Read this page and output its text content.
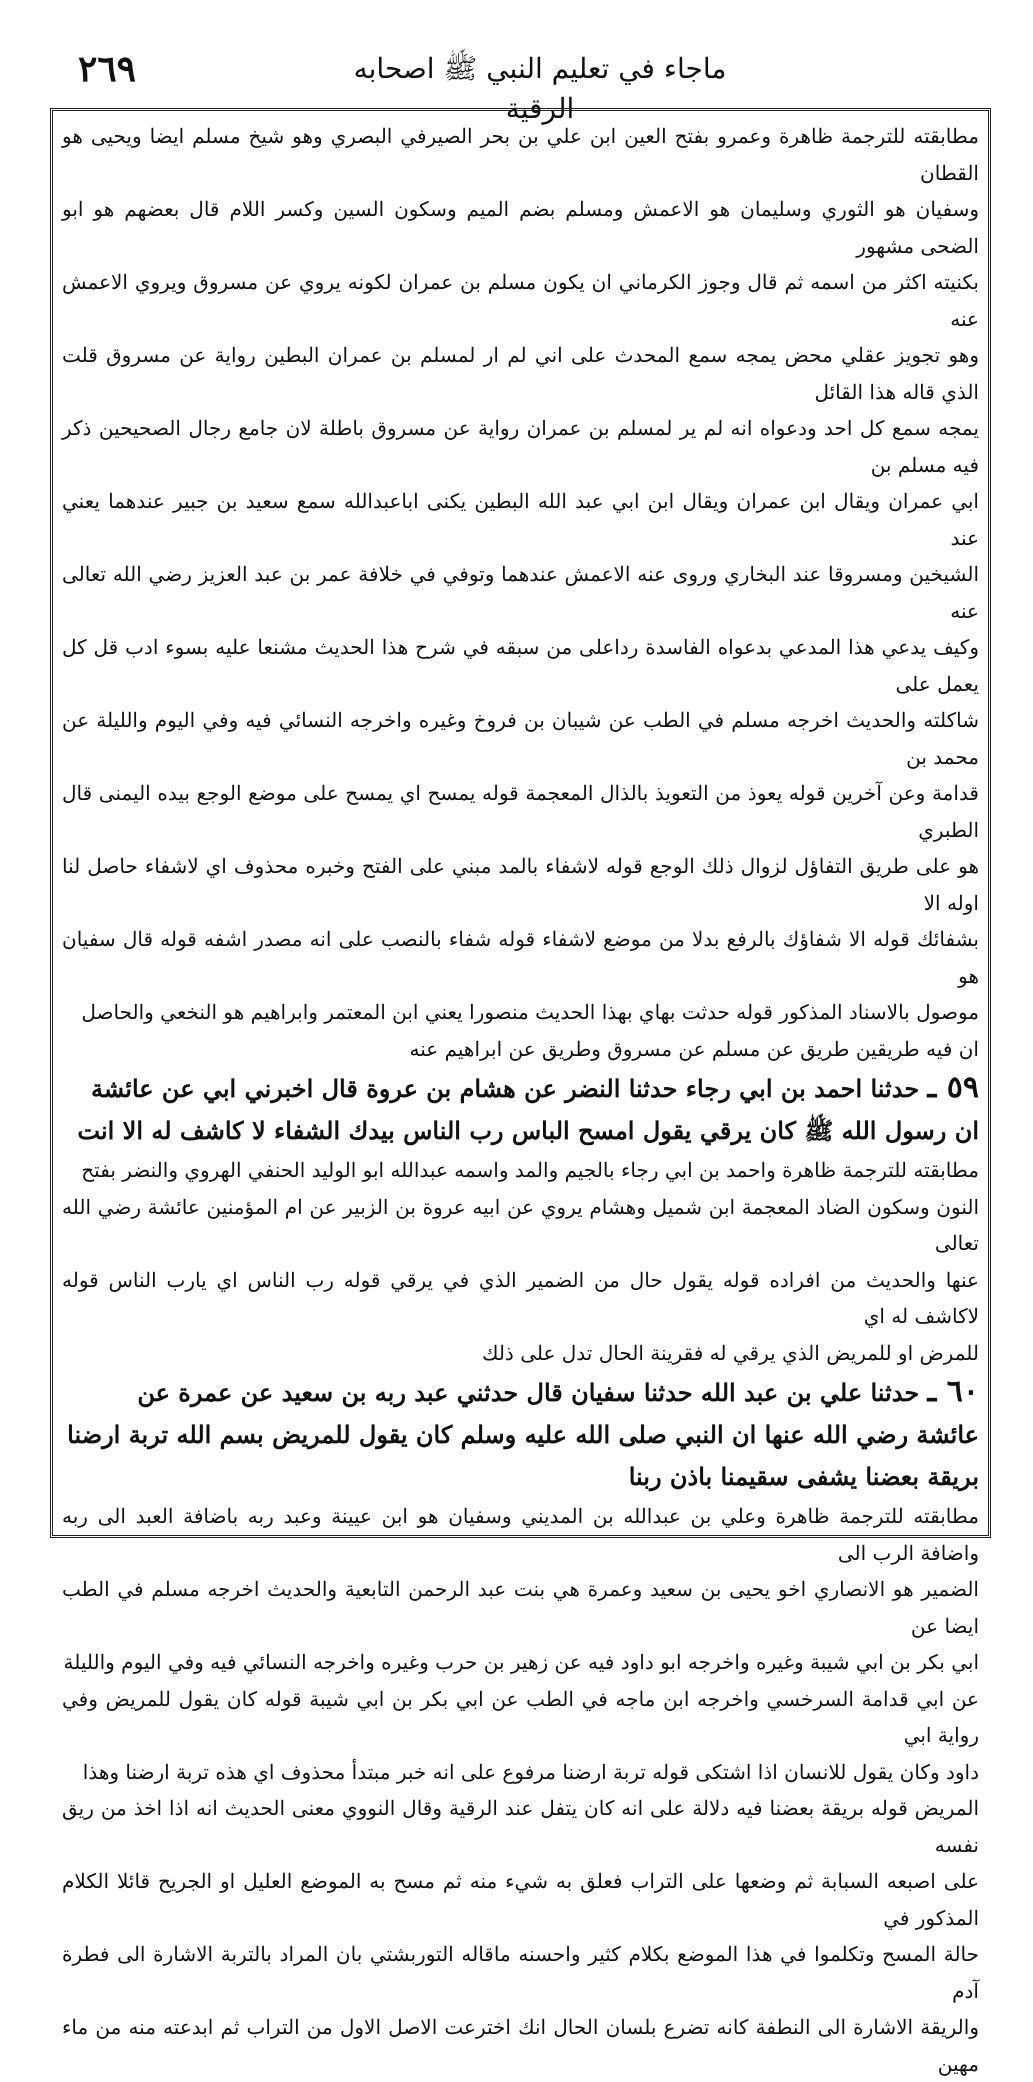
٢٦٩	ماجاء في تعليم النبي ﷺ اصحابه الرقية

مطابقته للترجمة ظاهرة وعمرو بفتح العين ابن علي بن بحر الصيرفي البصري وهو شيخ مسلم ايضا ويحيى هو القطان

وسفيان هو الثوري وسليمان هو الاعمش ومسلم بضم الميم وسكون السين وكسر اللام قال بعضهم هو ابو الضحى مشهور

بكنيته اكثر من اسمه ثم قال وجوز الكرماني ان يكون مسلم بن عمران لكونه يروي عن مسروق ويروي الاعمش عنه

وهو تجويز عقلي محض يمجه سمع المحدث على اني لم ار لمسلم بن عمران البطين رواية عن مسروق قلت الذي قاله هذا القائل

يمجه سمع كل احد ودعواه انه لم ير لمسلم بن عمران رواية عن مسروق باطلة لان جامع رجال الصحيحين ذكر فيه مسلم بن

ابي عمران ويقال ابن عمران ويقال ابن ابي عبد الله البطين يكنى اباعبدالله سمع سعيد بن جبير عندهما يعني عند

الشيخين ومسروقا عند البخاري وروى عنه الاعمش عندهما وتوفي في خلافة عمر بن عبد العزيز رضي الله تعالى عنه

وكيف يدعي هذا المدعي بدعواه الفاسدة رداعلى من سبقه في شرح هذا الحديث مشنعا عليه بسوء ادب قل كل يعمل على

شاكلته والحديث اخرجه مسلم في الطب عن شيبان بن فروخ وغيره واخرجه النسائي فيه وفي اليوم والليلة عن محمد بن

قدامة وعن آخرين قوله يعوذ من التعويذ بالذال المعجمة قوله يمسح اي يمسح على موضع الوجع بيده اليمنى قال الطبري

هو على طريق التفاؤل لزوال ذلك الوجع قوله لاشفاء بالمد مبني على الفتح وخبره محذوف اي لاشفاء حاصل لنا اوله الا

بشفائك قوله الا شفاؤك بالرفع بدلا من موضع لاشفاء قوله شفاء بالنصب على انه مصدر اشفه قوله قال سفيان هو

موصول بالاسناد المذكور قوله حدثت بهاي بهذا الحديث منصورا يعني ابن المعتمر وابراهيم هو النخعي والحاصل

ان فيه طريقين طريق عن مسلم عن مسروق وطريق عن ابراهيم عنه

٥٩ ـ حدثنا احمد بن ابي رجاء حدثنا النضر عن هشام بن عروة قال اخبرني ابي عن عائشة

ان رسول الله ﷺ كان يرقي يقول امسح الباس رب الناس بيدك الشفاء لا كاشف له الا انت

مطابقته للترجمة ظاهرة واحمد بن ابي رجاء بالجيم والمد واسمه عبدالله ابو الوليد الحنفي الهروي والنضر بفتح

النون وسكون الضاد المعجمة ابن شميل وهشام يروي عن ابيه عروة بن الزبير عن ام المؤمنين عائشة رضي الله تعالى

عنها والحديث من افراده قوله يقول حال من الضمير الذي في يرقي قوله رب الناس اي يارب الناس قوله لاكاشف له اي

للمرض او للمريض الذي يرقي له فقرينة الحال تدل على ذلك

٦٠ ـ حدثنا علي بن عبد الله حدثنا سفيان قال حدثني عبد ربه بن سعيد عن عمرة عن

عائشة رضي الله عنها ان النبي صلى الله عليه وسلم كان يقول للمريض بسم الله تربة ارضنا

بريقة بعضنا يشفى سقيمنا باذن ربنا

مطابقته للترجمة ظاهرة وعلي بن عبدالله بن المديني وسفيان هو ابن عيينة وعبد ربه باضافة العبد الى ربه واضافة الرب الى

الضمير هو الانصاري اخو يحيى بن سعيد وعمرة هي بنت عبد الرحمن التابعية والحديث اخرجه مسلم في الطب ايضا عن

ابي بكر بن ابي شيبة وغيره واخرجه ابو داود فيه عن زهير بن حرب وغيره واخرجه النسائي فيه وفي اليوم والليلة

عن ابي قدامة السرخسي واخرجه ابن ماجه في الطب عن ابي بكر بن ابي شيبة قوله كان يقول للمريض وفي رواية ابي

داود وكان يقول للانسان اذا اشتكى قوله تربة ارضنا مرفوع على انه خبر مبتدأ محذوف اي هذه تربة ارضنا وهذا

المريض قوله بريقة بعضنا فيه دلالة على انه كان يتفل عند الرقية وقال النووي معنى الحديث انه اذا اخذ من ريق نفسه

على اصبعه السبابة ثم وضعها على التراب فعلق به شيء منه ثم مسح به الموضع العليل او الجريح قائلا الكلام المذكور في

حالة المسح وتكلموا في هذا الموضع بكلام كثير واحسنه ماقاله التوربشتي بان المراد بالتربة الاشارة الى فطرة آدم

والريقة الاشارة الى النطفة كانه تضرع بلسان الحال انك اخترعت الاصل الاول من التراب ثم ابدعته منه من ماء مهين
